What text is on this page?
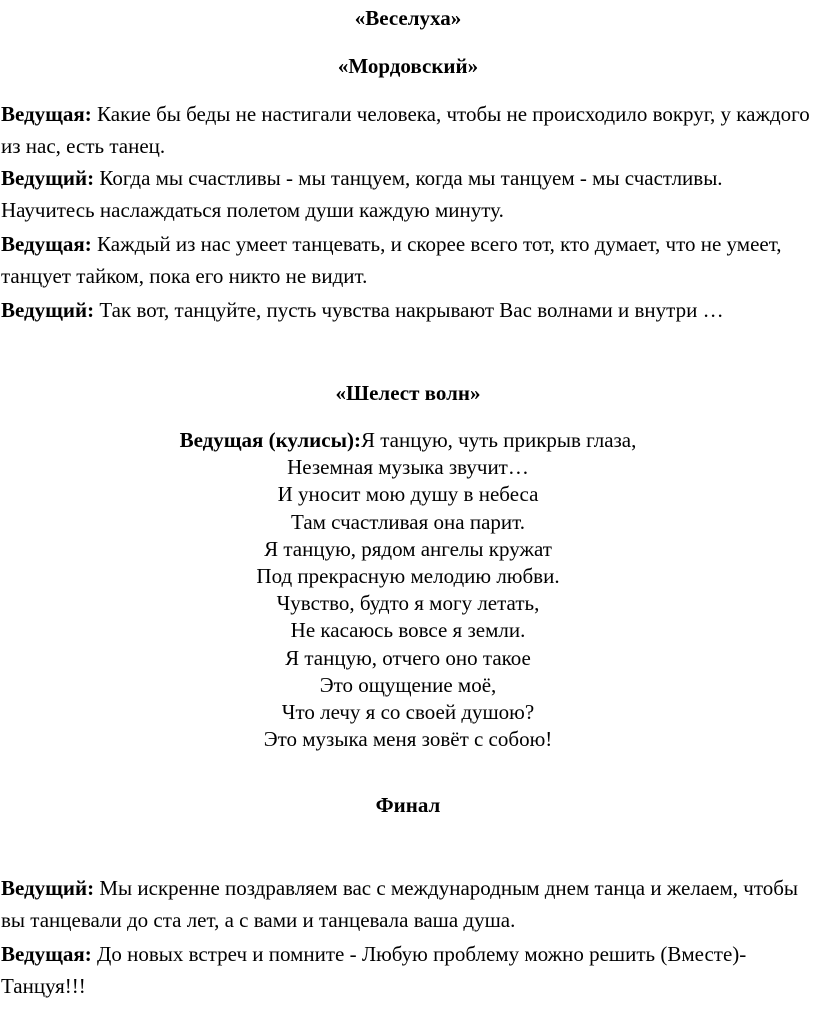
«Веселуха»
«Мордовский»
Ведущая: Какие бы беды не настигали человека, чтобы не происходило вокруг, у каждого из нас, есть танец.
Ведущий: Когда мы счастливы - мы танцуем, когда мы танцуем - мы счастливы. Научитесь наслаждаться полетом души каждую минуту.
Ведущая: Каждый из нас умеет танцевать, и скорее всего тот, кто думает, что не умеет, танцует тайком, пока его никто не видит.
Ведущий: Так вот, танцуйте, пусть чувства накрывают Вас волнами и внутри …
«Шелест волн»
Ведущая (кулисы):Я танцую, чуть прикрыв глаза,
Неземная музыка звучит…
И уносит мою душу в небеса
Там счастливая она парит.
Я танцую, рядом ангелы кружат
Под прекрасную мелодию любви.
Чувство, будто я могу летать,
Не касаюсь вовсе я земли.
Я танцую, отчего оно такое
Это ощущение моё,
Что лечу я со своей душою?
Это музыка меня зовёт с собою!
Финал
Ведущий: Мы искренне поздравляем вас с международным днем танца и желаем, чтобы вы танцевали до ста лет, а с вами и танцевала ваша душа.
Ведущая: До новых встреч и помните - Любую проблему можно решить (Вместе)-Танцуя!!!
